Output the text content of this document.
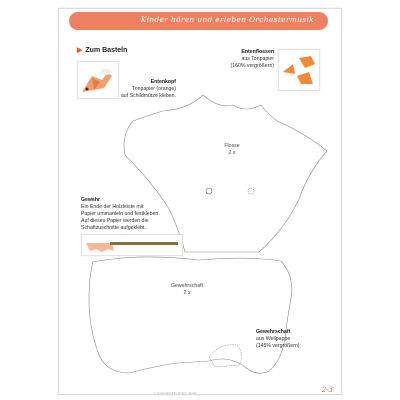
Kinder hören und erleben Orchestermusik
▶ Zum Basteln
Entenkopf
Tonpapier (orange)
auf Schildmütze kleben.
Entenflossen
aus Tonpapier
(160% vergrößern)
Flosse
2 x
Gewehr
Ein Ende der Holzleiste mit
Papier ummanteln und festkleben.
Auf dieses Papier werden die
Schaftzuschnitte aufgeklebt.
Gewehrschaft
2 x
Gewehrschaft
aus Wellpappe
(145% vergrößern)
© Copyrighted by M.Sch. Verlag	2-3
